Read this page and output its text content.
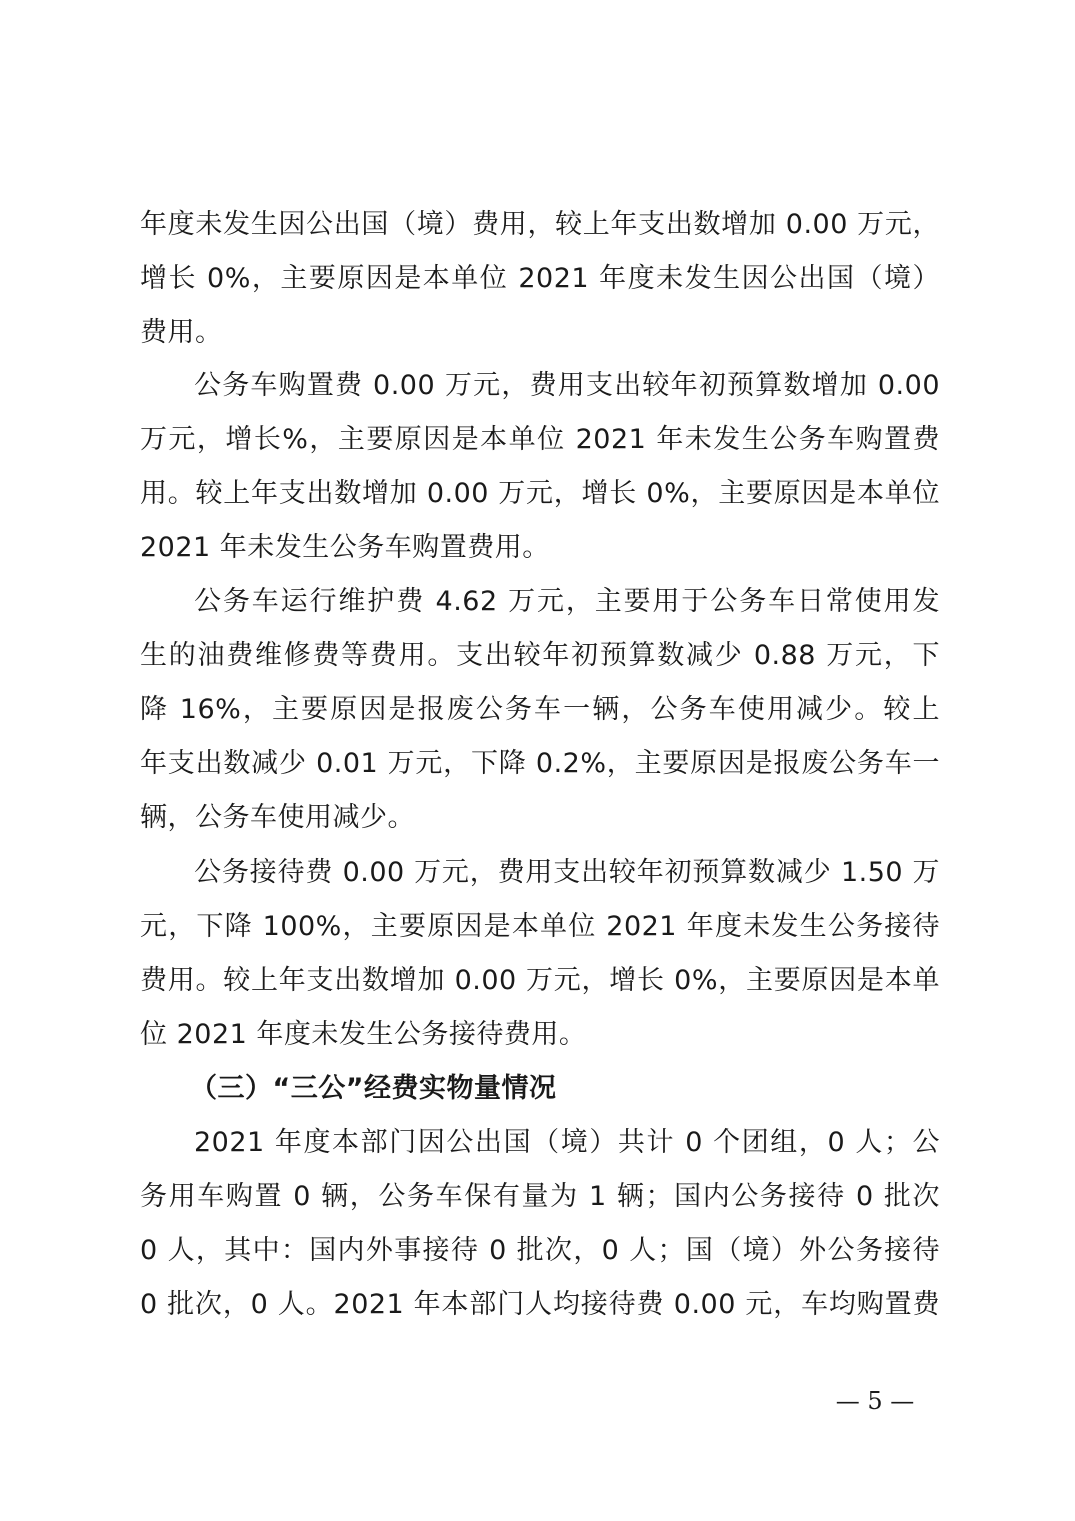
年度未发生因公出国（境）费用，较上年支出数增加 0.00 万元，
增长 0%，主要原因是本单位 2021 年度未发生因公出国（境）
费用。
公务车购置费 0.00 万元，费用支出较年初预算数增加 0.00
万元，增长%，主要原因是本单位 2021 年未发生公务车购置费
用。较上年支出数增加 0.00 万元，增长 0%，主要原因是本单位
2021 年未发生公务车购置费用。
公务车运行维护费 4.62 万元，主要用于公务车日常使用发
生的油费维修费等费用。支出较年初预算数减少 0.88 万元，下
降 16%，主要原因是报废公务车一辆，公务车使用减少。较上
年支出数减少 0.01 万元，下降 0.2%，主要原因是报废公务车一
辆，公务车使用减少。
公务接待费 0.00 万元，费用支出较年初预算数减少 1.50 万
元，下降 100%，主要原因是本单位 2021 年度未发生公务接待
费用。较上年支出数增加 0.00 万元，增长 0%，主要原因是本单
位 2021 年度未发生公务接待费用。
（三）“三公”经费实物量情况
2021 年度本部门因公出国（境）共计 0 个团组，0 人；公
务用车购置 0 辆，公务车保有量为 1 辆；国内公务接待 0 批次
0 人，其中：国内外事接待 0 批次，0 人；国（境）外公务接待
0 批次，0 人。2021 年本部门人均接待费 0.00 元，车均购置费
— 5 —
